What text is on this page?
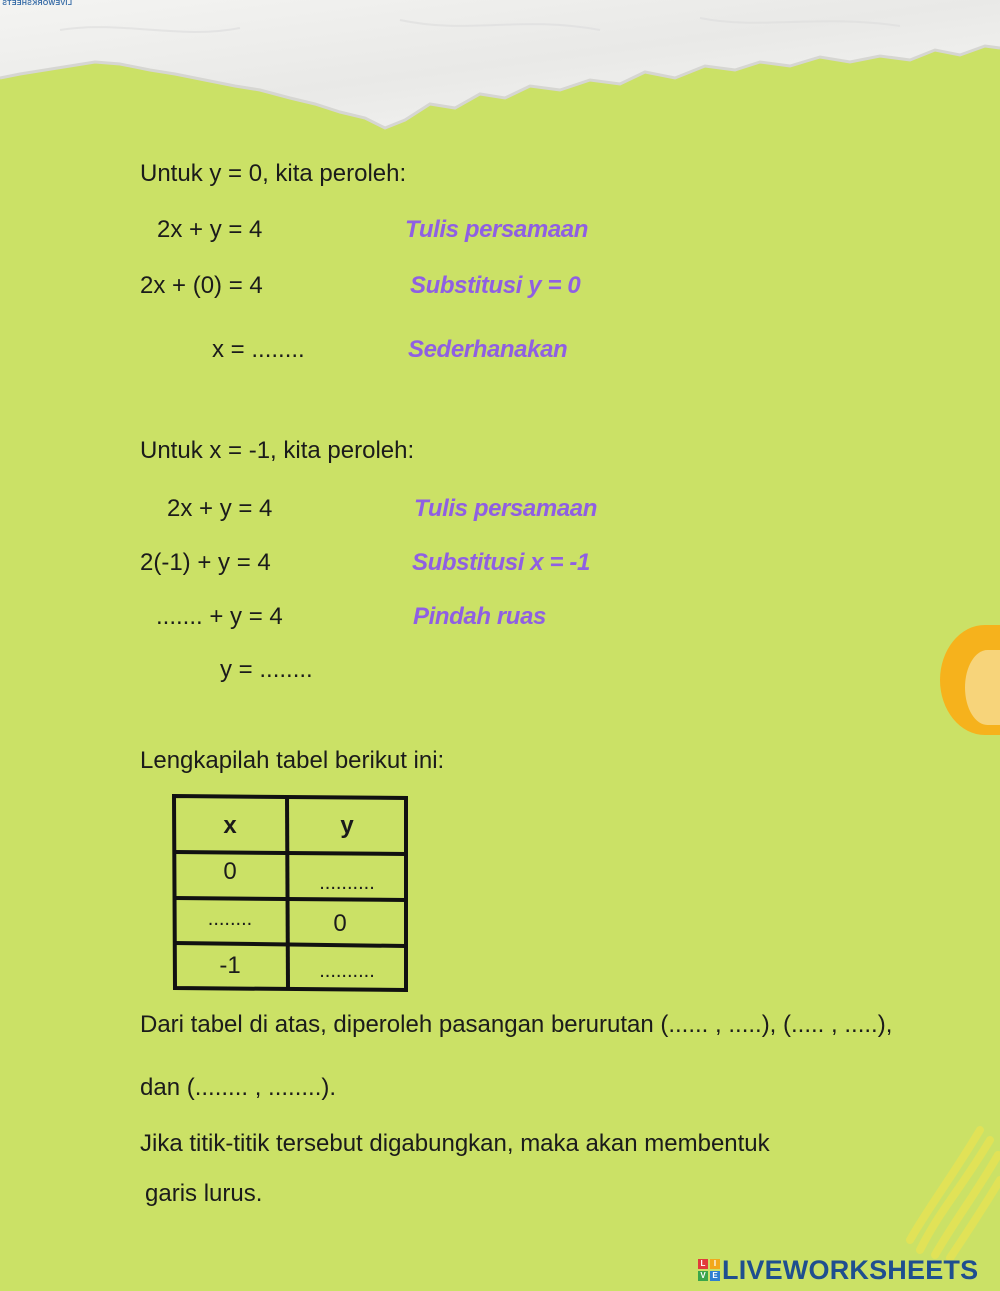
LIVEWORKSHEETS
Untuk y = 0, kita peroleh:
2x + y = 4	Tulis persamaan
2x + (0) = 4	Substitusi y = 0
x = ........	Sederhanakan
Untuk x = -1, kita peroleh:
2x + y = 4	Tulis persamaan
2(-1) + y = 4	Substitusi x = -1
....... + y = 4	Pindah ruas
y = ........
Lengkapilah tabel berikut ini:
x	y
0	..........
........	0
-1	..........
Dari tabel di atas, diperoleh pasangan berurutan (...... , .....), (..... , .....),
dan (........ , ........).
Jika titik-titik tersebut digabungkan, maka akan membentuk
garis lurus.
L	I
V E LIVEWORKSHEETS
